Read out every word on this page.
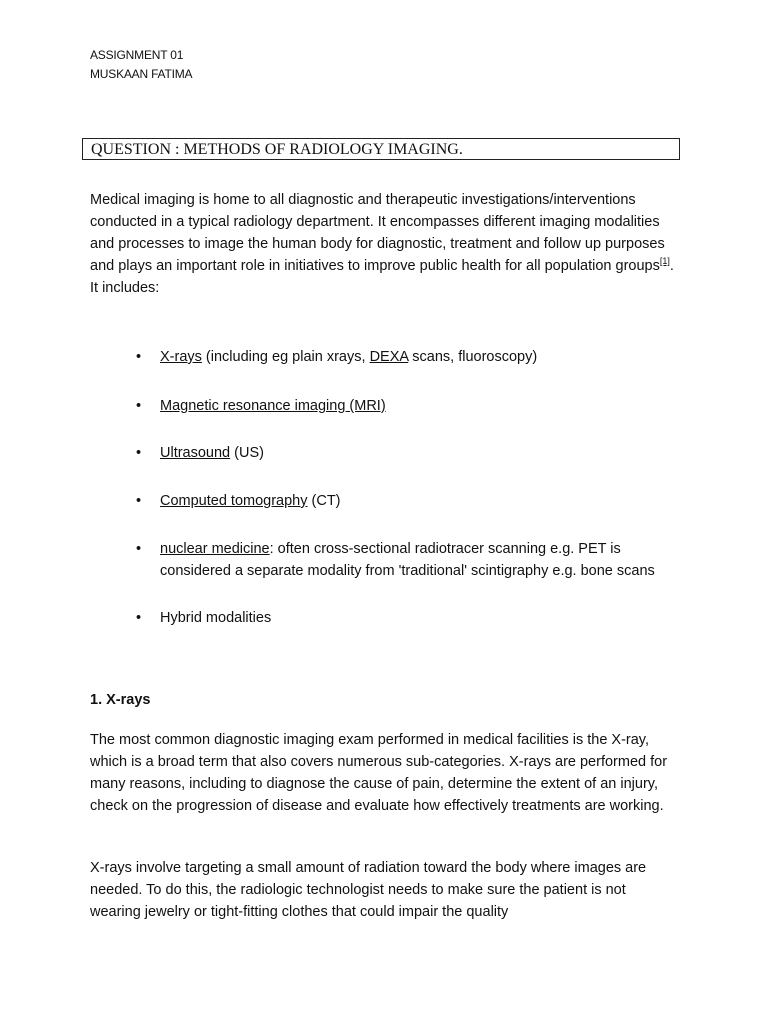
ASSIGNMENT 01
MUSKAAN FATIMA
QUESTION : METHODS OF RADIOLOGY IMAGING.

Medical imaging is home to all diagnostic and therapeutic investigations/interventions conducted in a typical radiology department. It encompasses different imaging modalities and processes to image the human body for diagnostic, treatment and follow up purposes and plays an important role in initiatives to improve public health for all population groups[1]. It includes:

• X-rays (including eg plain xrays, DEXA scans, fluoroscopy)
• Magnetic resonance imaging (MRI)
• Ultrasound (US)
• Computed tomography (CT)
• nuclear medicine: often cross-sectional radiotracer scanning e.g. PET is considered a separate modality from 'traditional' scintigraphy e.g. bone scans
• Hybrid modalities
1. X-rays

The most common diagnostic imaging exam performed in medical facilities is the X-ray, which is a broad term that also covers numerous sub-categories. X-rays are performed for many reasons, including to diagnose the cause of pain, determine the extent of an injury, check on the progression of disease and evaluate how effectively treatments are working.

X-rays involve targeting a small amount of radiation toward the body where images are needed. To do this, the radiologic technologist needs to make sure the patient is not wearing jewelry or tight-fitting clothes that could impair the quality
